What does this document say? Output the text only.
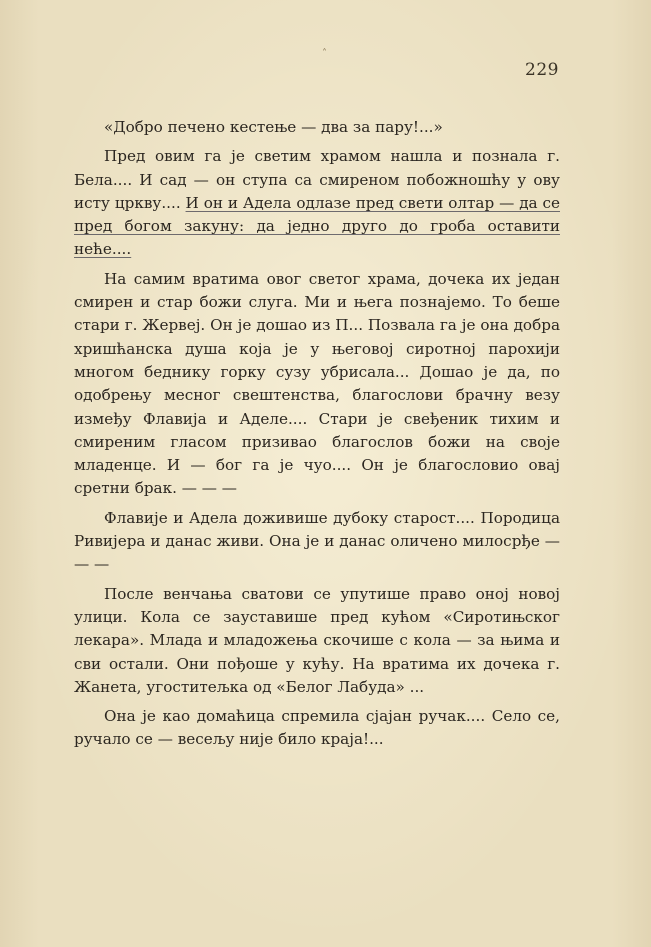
˄
229

«Добро печено кестење — два за пару!...»

Пред овим га је светим храмом нашла и познала г. Бела.... И сад — он ступа са смиреном побожношћу у ову исту цркву.... И он и Адела одлазе пред свети олтар — да се пред богом закуну: да једно друго до гроба оставити неће....

На самим вратима овог светог храма, дочека их један смирен и стар божи слуга. Ми и њега познајемо. То беше стари г. Жервеј. Он је дошао из П... Позвала га је она добра хришћанска душа која је у његовој сиротној парохији многом беднику горку сузу убрисала... Дошао је да, по одобрењу месног свештенства, благослови брачну везу између Флавија и Аделе.... Стари је свеђеник тихим и смиреним гласом призивао благослов божи на своје младенце. И — бог га је чуо.... Он је благословио овај сретни брак. — — —

Флавије и Адела доживише дубоку старост.... Породица Ривијера и данас живи. Она је и данас оличено милосрђе — — —

После венчања сватови се упутише право оној новој улици. Кола се зауставише пред кућом «Сиротињског лекара». Млада и младожења скочише с кола — за њима и сви остали. Они пођоше у кућу. На вратима их дочека г. Жанета, угоститељка од «Белог Лабуда» ...

Она је као домаћица спремила сјајан ручак.... Село се, ручало се — весељу није било краја!...
